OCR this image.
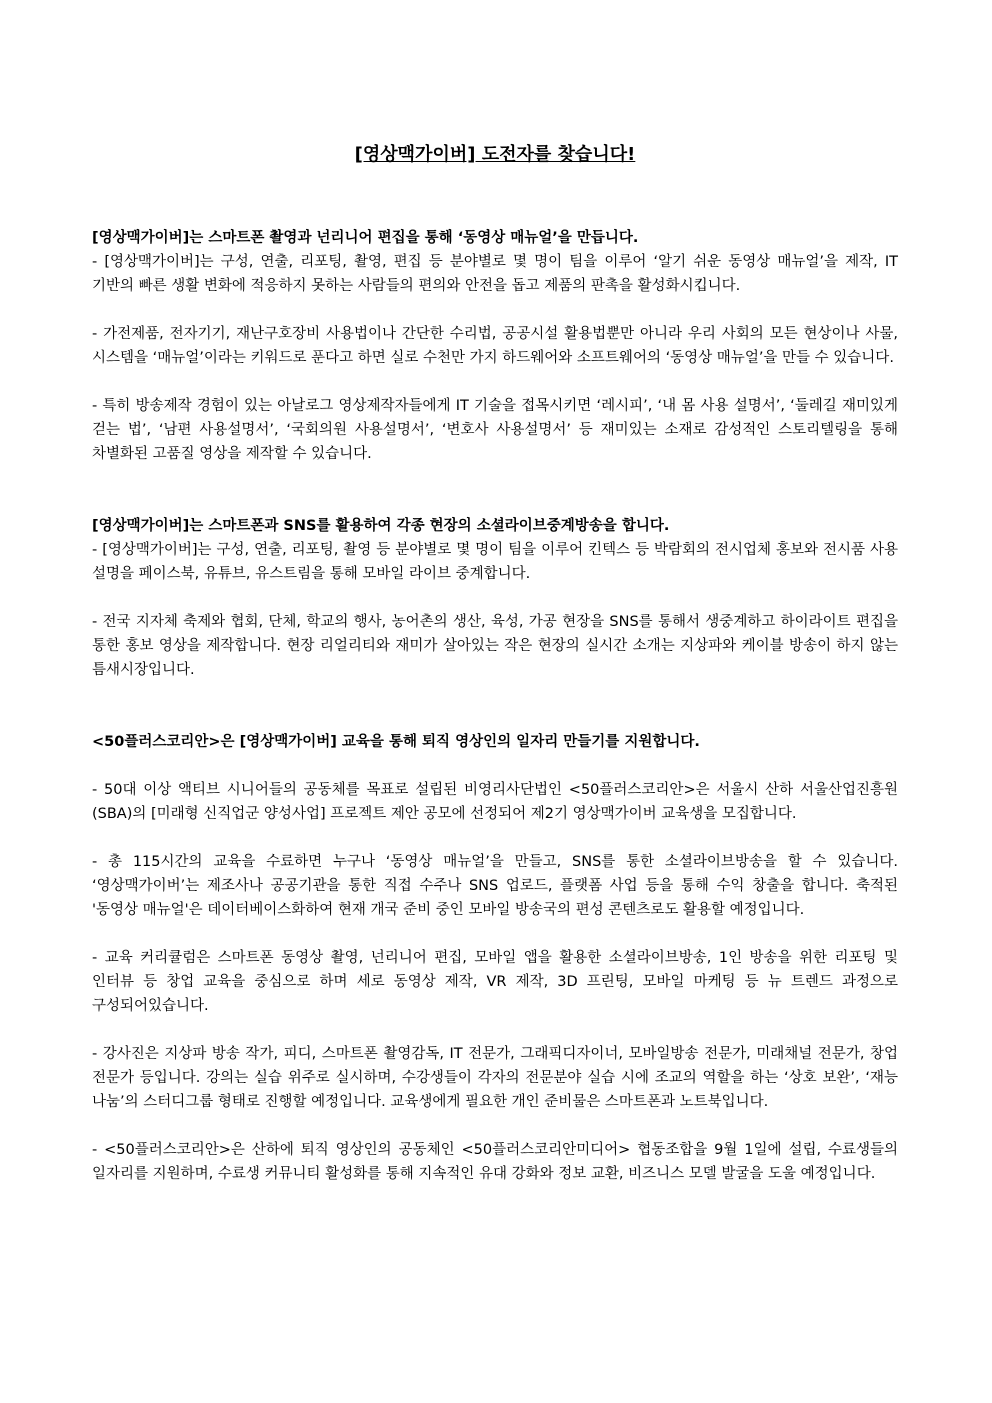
[영상맥가이버] 도전자를 찾습니다!

[영상맥가이버]는 스마트폰 촬영과 넌리니어 편집을 통해 ‘동영상 매뉴얼’을 만듭니다.

- [영상맥가이버]는 구성, 연출, 리포팅, 촬영, 편집 등 분야별로 몇 명이 팀을 이루어 ‘알기 쉬운 동영상 매뉴얼’을 제작, IT 기반의 빠른 생활 변화에 적응하지 못하는 사람들의 편의와 안전을 돕고 제품의 판촉을 활성화시킵니다.

- 가전제품, 전자기기, 재난구호장비 사용법이나 간단한 수리법, 공공시설 활용법뿐만 아니라 우리 사회의 모든 현상이나 사물, 시스템을 ‘매뉴얼’이라는 키워드로 푼다고 하면 실로 수천만 가지 하드웨어와 소프트웨어의 ‘동영상 매뉴얼’을 만들 수 있습니다.

- 특히 방송제작 경험이 있는 아날로그 영상제작자들에게 IT 기술을 접목시키면 ‘레시피’, ‘내 몸 사용 설명서’, ‘둘레길 재미있게 걷는 법’, ‘남편 사용설명서’, ‘국회의원 사용설명서’, ‘변호사 사용설명서’ 등 재미있는 소재로 감성적인 스토리텔링을 통해 차별화된 고품질 영상을 제작할 수 있습니다.

[영상맥가이버]는 스마트폰과 SNS를 활용하여 각종 현장의 소셜라이브중계방송을 합니다.

- [영상맥가이버]는 구성, 연출, 리포팅, 촬영 등 분야별로 몇 명이 팀을 이루어 킨텍스 등 박람회의 전시업체 홍보와 전시품 사용 설명을 페이스북, 유튜브, 유스트림을 통해 모바일 라이브 중계합니다.

- 전국 지자체 축제와 협회, 단체, 학교의 행사, 농어촌의 생산, 육성, 가공 현장을 SNS를 통해서 생중계하고 하이라이트 편집을 통한 홍보 영상을 제작합니다. 현장 리얼리티와 재미가 살아있는 작은 현장의 실시간 소개는 지상파와 케이블 방송이 하지 않는 틈새시장입니다.

<50플러스코리안>은 [영상맥가이버] 교육을 통해 퇴직 영상인의 일자리 만들기를 지원합니다.

- 50대 이상 액티브 시니어들의 공동체를 목표로 설립된 비영리사단법인 <50플러스코리안>은 서울시 산하 서울산업진흥원(SBA)의 [미래형 신직업군 양성사업] 프로젝트 제안 공모에 선정되어 제2기 영상맥가이버 교육생을 모집합니다.

- 총 115시간의 교육을 수료하면 누구나 ‘동영상 매뉴얼’을 만들고, SNS를 통한 소셜라이브방송을 할 수 있습니다. ‘영상맥가이버’는 제조사나 공공기관을 통한 직접 수주나 SNS 업로드, 플랫폼 사업 등을 통해 수익 창출을 합니다. 축적된 '동영상 매뉴얼'은 데이터베이스화하여 현재 개국 준비 중인 모바일 방송국의 편성 콘텐츠로도 활용할 예정입니다.

- 교육 커리큘럼은 스마트폰 동영상 촬영, 넌리니어 편집, 모바일 앱을 활용한 소셜라이브방송, 1인 방송을 위한 리포팅 및 인터뷰 등 창업 교육을 중심으로 하며 세로 동영상 제작, VR 제작, 3D 프린팅, 모바일 마케팅 등 뉴 트렌드 과정으로 구성되어있습니다.

- 강사진은 지상파 방송 작가, 피디, 스마트폰 촬영감독, IT 전문가, 그래픽디자이너, 모바일방송 전문가, 미래채널 전문가, 창업 전문가 등입니다. 강의는 실습 위주로 실시하며, 수강생들이 각자의 전문분야 실습 시에 조교의 역할을 하는 ‘상호 보완’, ‘재능 나눔’의 스터디그룹 형태로 진행할 예정입니다. 교육생에게 필요한 개인 준비물은 스마트폰과 노트북입니다.

- <50플러스코리안>은 산하에 퇴직 영상인의 공동체인 <50플러스코리안미디어> 협동조합을 9월 1일에 설립, 수료생들의 일자리를 지원하며, 수료생 커뮤니티 활성화를 통해 지속적인 유대 강화와 정보 교환, 비즈니스 모델 발굴을 도울 예정입니다.
